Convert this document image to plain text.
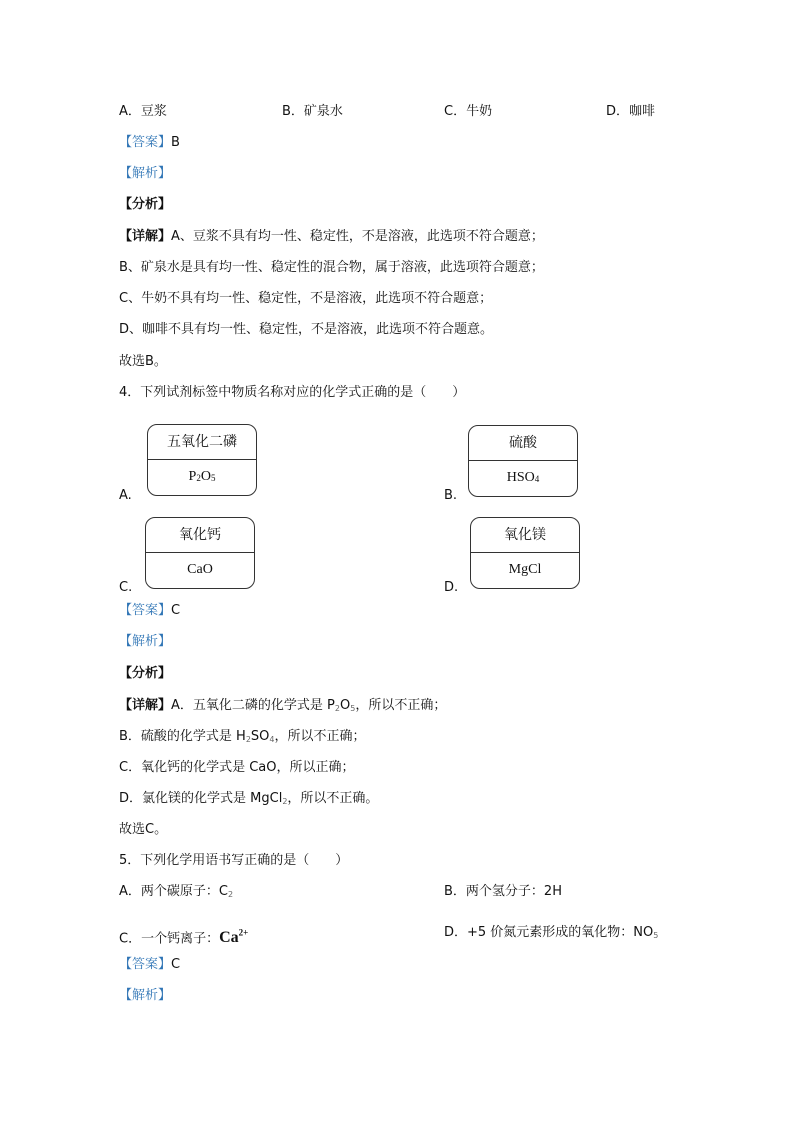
A．豆浆	B．矿泉水	C．牛奶	D．咖啡
【答案】B
【解析】
【分析】
【详解】A、豆浆不具有均一性、稳定性，不是溶液，此选项不符合题意；
B、矿泉水是具有均一性、稳定性的混合物，属于溶液，此选项符合题意；
C、牛奶不具有均一性、稳定性，不是溶液，此选项不符合题意；
D、咖啡不具有均一性、稳定性，不是溶液，此选项不符合题意。
故选B。
4．下列试剂标签中物质名称对应的化学式正确的是（　　）
五氧化二磷
$P_2O_5$
A.
硫酸
$HSO_4$
B.
氧化钙
CaO
C.
氧化镁
MgCl
D.
【答案】C
【解析】
【分析】
【详解】A．五氧化二磷的化学式是 $P_2O_5$，所以不正确；
B．硫酸的化学式是 $H_2SO_4$，所以不正确；
C．氧化钙的化学式是 CaO，所以正确；
D．氯化镁的化学式是 MgCl$_2$，所以不正确。
故选C。
5．下列化学用语书写正确的是（　　）
A．两个碳原子：$C_2$	B．两个氢分子：2H
C．一个钙离子：$Ca^{2+}$	D．+5 价氮元素形成的氧化物：$NO_5$
【答案】C
【解析】
